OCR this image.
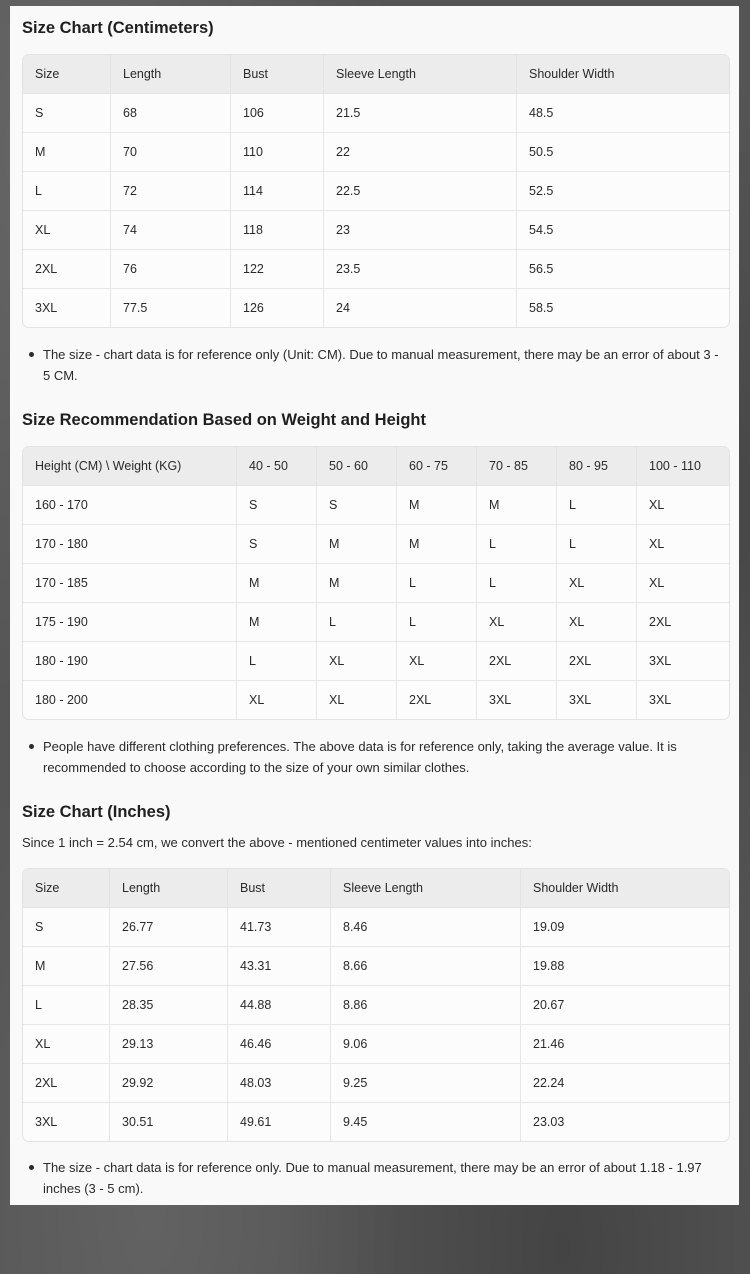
Size Chart (Centimeters)
Size	Length	Bust	Sleeve Length	Shoulder Width
S	68	106	21.5	48.5
M	70	110	22	50.5
L	72	114	22.5	52.5
XL	74	118	23	54.5
2XL	76	122	23.5	56.5
3XL	77.5	126	24	58.5
The size - chart data is for reference only (Unit: CM). Due to manual measurement, there may be an error of about 3 - 5 CM.
Size Recommendation Based on Weight and Height
Height (CM) \ Weight (KG)	40 - 50	50 - 60	60 - 75	70 - 85	80 - 95	100 - 110
160 - 170	S	S	M	M	L	XL
170 - 180	S	M	M	L	L	XL
170 - 185	M	M	L	L	XL	XL
175 - 190	M	L	L	XL	XL	2XL
180 - 190	L	XL	XL	2XL	2XL	3XL
180 - 200	XL	XL	2XL	3XL	3XL	3XL
People have different clothing preferences. The above data is for reference only, taking the average value. It is recommended to choose according to the size of your own similar clothes.
Size Chart (Inches)

Since 1 inch = 2.54 cm, we convert the above - mentioned centimeter values into inches:

Size	Length	Bust	Sleeve Length	Shoulder Width
S	26.77	41.73	8.46	19.09
M	27.56	43.31	8.66	19.88
L	28.35	44.88	8.86	20.67
XL	29.13	46.46	9.06	21.46
2XL	29.92	48.03	9.25	22.24
3XL	30.51	49.61	9.45	23.03
The size - chart data is for reference only. Due to manual measurement, there may be an error of about 1.18 - 1.97 inches (3 - 5 cm).
